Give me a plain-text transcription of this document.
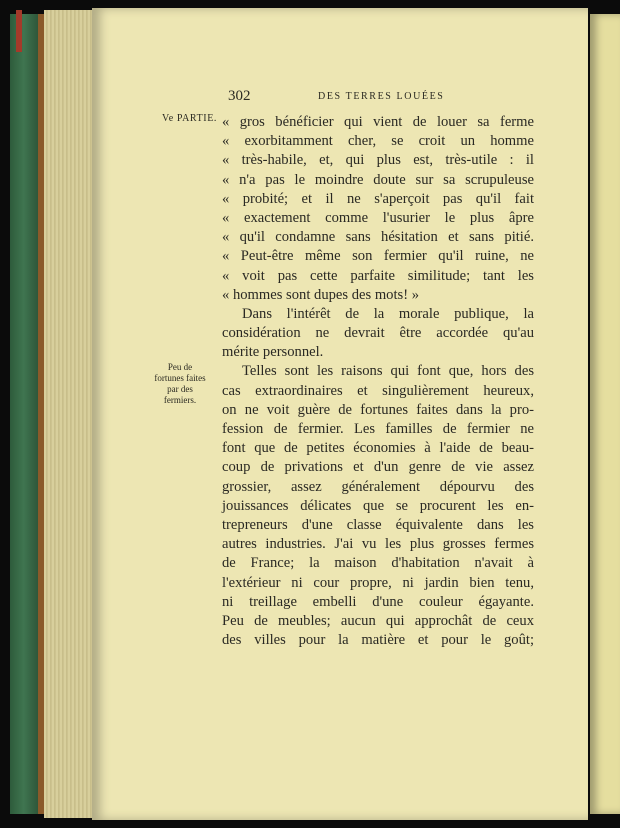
302	DES TERRES LOUÉES
Ve PARTIE.
Peu de
fortunes faites
par des
fermiers.
« gros bénéficier qui vient de louer sa ferme
« exorbitamment cher, se croit un homme
« très-habile, et, qui plus est, très-utile : il
« n'a pas le moindre doute sur sa scrupuleuse
« probité; et il ne s'aperçoit pas qu'il fait
« exactement comme l'usurier le plus âpre
« qu'il condamne sans hésitation et sans pitié.
« Peut-être même son fermier qu'il ruine, ne
« voit pas cette parfaite similitude; tant les
« hommes sont dupes des mots! »
Dans l'intérêt de la morale publique, la
considération ne devrait être accordée qu'au
mérite personnel.
Telles sont les raisons qui font que, hors des
cas extraordinaires et singulièrement heureux,
on ne voit guère de fortunes faites dans la pro-
fession de fermier. Les familles de fermier ne
font que de petites économies à l'aide de beau-
coup de privations et d'un genre de vie assez
grossier, assez généralement dépourvu des
jouissances délicates que se procurent les en-
trepreneurs d'une classe équivalente dans les
autres industries. J'ai vu les plus grosses fermes
de France; la maison d'habitation n'avait à
l'extérieur ni cour propre, ni jardin bien tenu,
ni treillage embelli d'une couleur égayante.
Peu de meubles; aucun qui approchât de ceux
des villes pour la matière et pour le goût;
